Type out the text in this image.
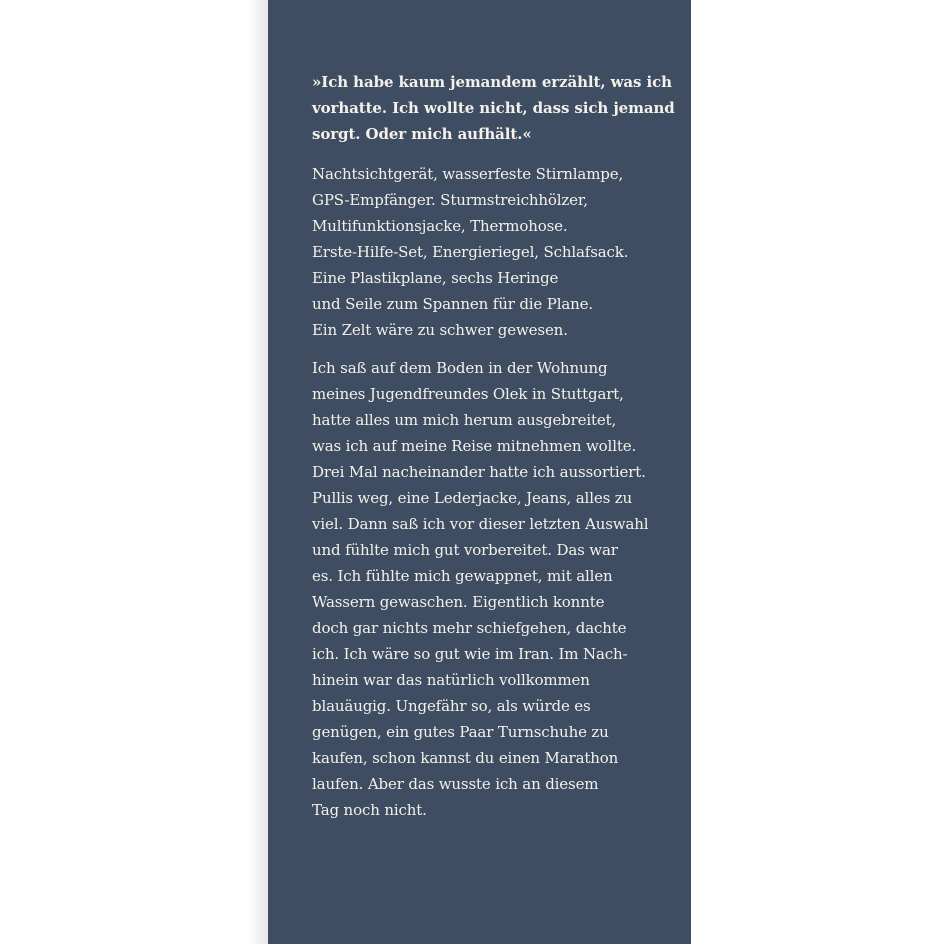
»Ich habe kaum jemandem erzählt, was ich
vorhatte. Ich wollte nicht, dass sich jemand
sorgt. Oder mich aufhält.«

Nachtsichtgerät, wasserfeste Stirnlampe,
GPS-Empfänger. Sturmstreichhölzer,
Multifunktionsjacke, Thermohose.
Erste-Hilfe-Set, Energieriegel, Schlafsack.
Eine Plastikplane, sechs Heringe
und Seile zum Spannen für die Plane.
Ein Zelt wäre zu schwer gewesen.

Ich saß auf dem Boden in der Wohnung
meines Jugendfreundes Olek in Stuttgart,
hatte alles um mich herum ausgebreitet,
was ich auf meine Reise mitnehmen wollte.
Drei Mal nacheinander hatte ich aussortiert.
Pullis weg, eine Lederjacke, Jeans, alles zu
viel. Dann saß ich vor dieser letzten Auswahl
und fühlte mich gut vorbereitet. Das war
es. Ich fühlte mich gewappnet, mit allen
Wassern gewaschen. Eigentlich konnte
doch gar nichts mehr schiefgehen, dachte
ich. Ich wäre so gut wie im Iran. Im Nach-
hinein war das natürlich vollkommen
blauäugig. Ungefähr so, als würde es
genügen, ein gutes Paar Turnschuhe zu
kaufen, schon kannst du einen Marathon
laufen. Aber das wusste ich an diesem
Tag noch nicht.
